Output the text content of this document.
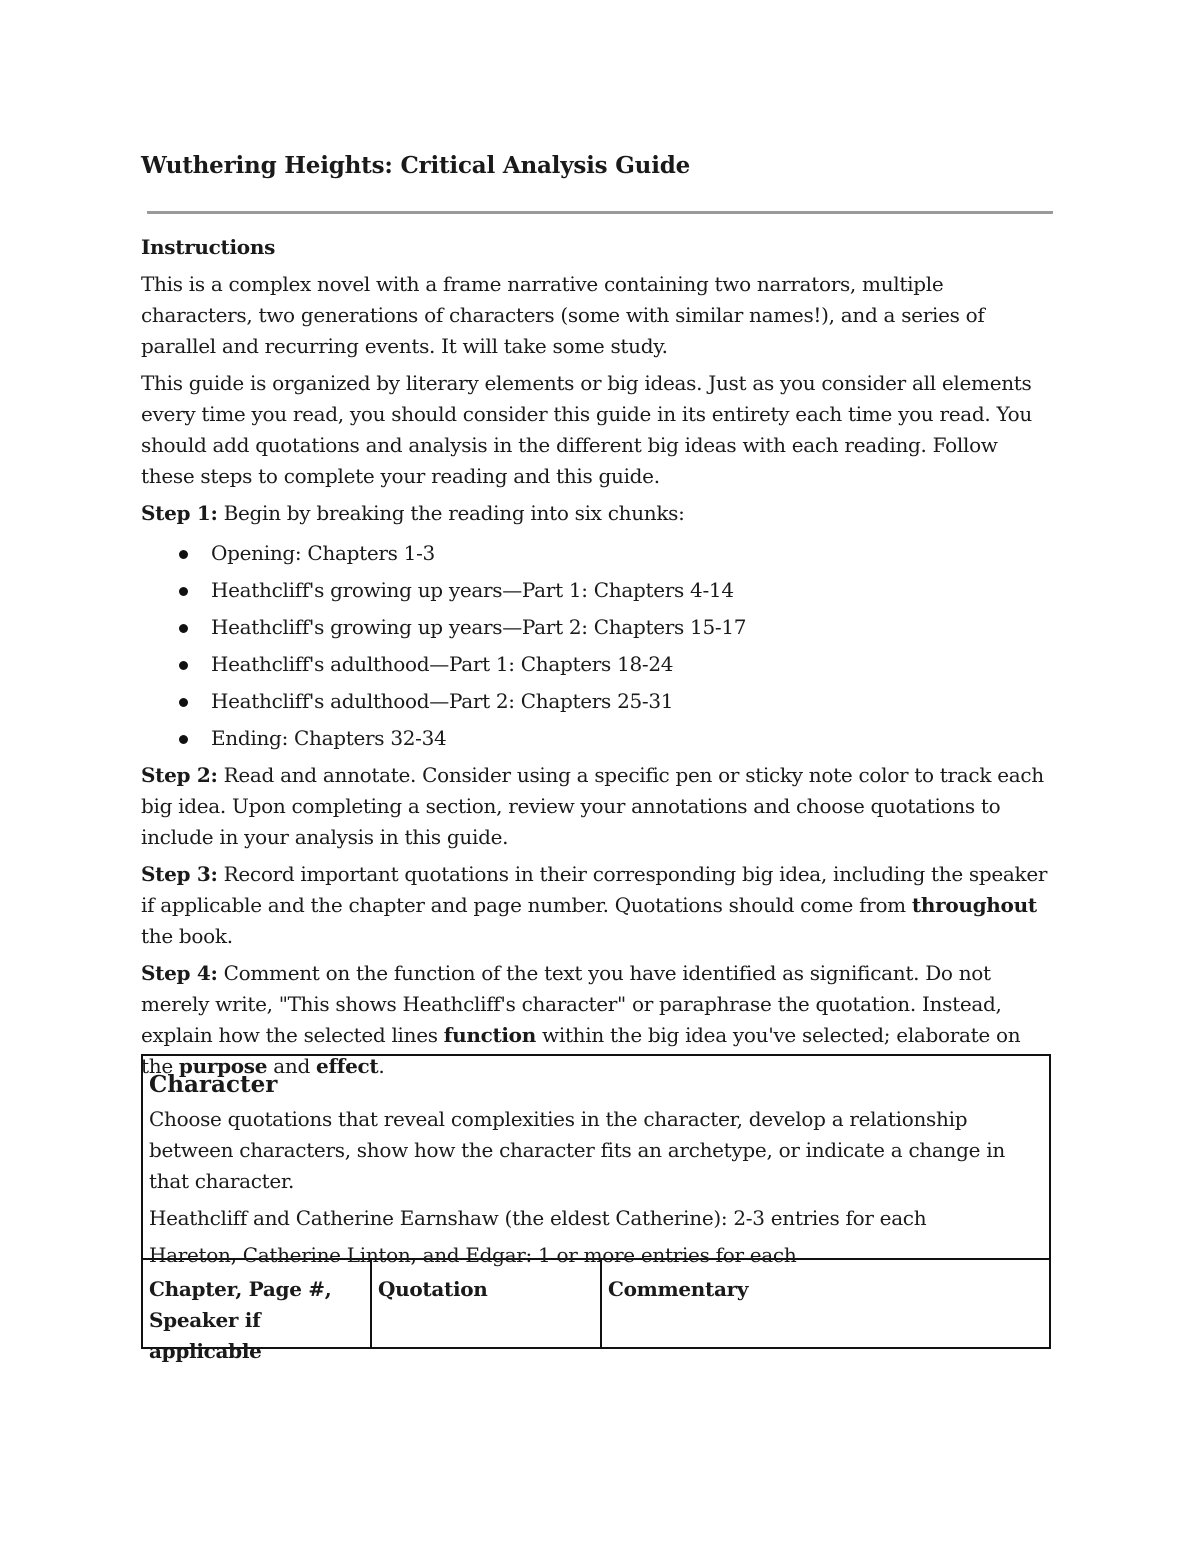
Wuthering Heights: Critical Analysis Guide
Instructions

This is a complex novel with a frame narrative containing two narrators, multiple characters, two generations of characters (some with similar names!), and a series of parallel and recurring events. It will take some study.

This guide is organized by literary elements or big ideas. Just as you consider all elements every time you read, you should consider this guide in its entirety each time you read. You should add quotations and analysis in the different big ideas with each reading. Follow these steps to complete your reading and this guide.

Step 1: Begin by breaking the reading into six chunks:

Opening: Chapters 1-3
Heathcliff's growing up years—Part 1: Chapters 4-14
Heathcliff's growing up years—Part 2: Chapters 15-17
Heathcliff's adulthood—Part 1: Chapters 18-24
Heathcliff's adulthood—Part 2: Chapters 25-31
Ending: Chapters 32-34

Step 2: Read and annotate. Consider using a specific pen or sticky note color to track each big idea. Upon completing a section, review your annotations and choose quotations to include in your analysis in this guide.

Step 3: Record important quotations in their corresponding big idea, including the speaker if applicable and the chapter and page number. Quotations should come from throughout the book.

Step 4: Comment on the function of the text you have identified as significant. Do not merely write, "This shows Heathcliff's character" or paraphrase the quotation. Instead, explain how the selected lines function within the big idea you've selected; elaborate on the purpose and effect.

Character

Choose quotations that reveal complexities in the character, develop a relationship between characters, show how the character fits an archetype, or indicate a change in that character.

Heathcliff and Catherine Earnshaw (the eldest Catherine): 2-3 entries for each

Hareton, Catherine Linton, and Edgar: 1 or more entries for each

Chapter, Page #, Speaker if applicable
Quotation	Commentary
